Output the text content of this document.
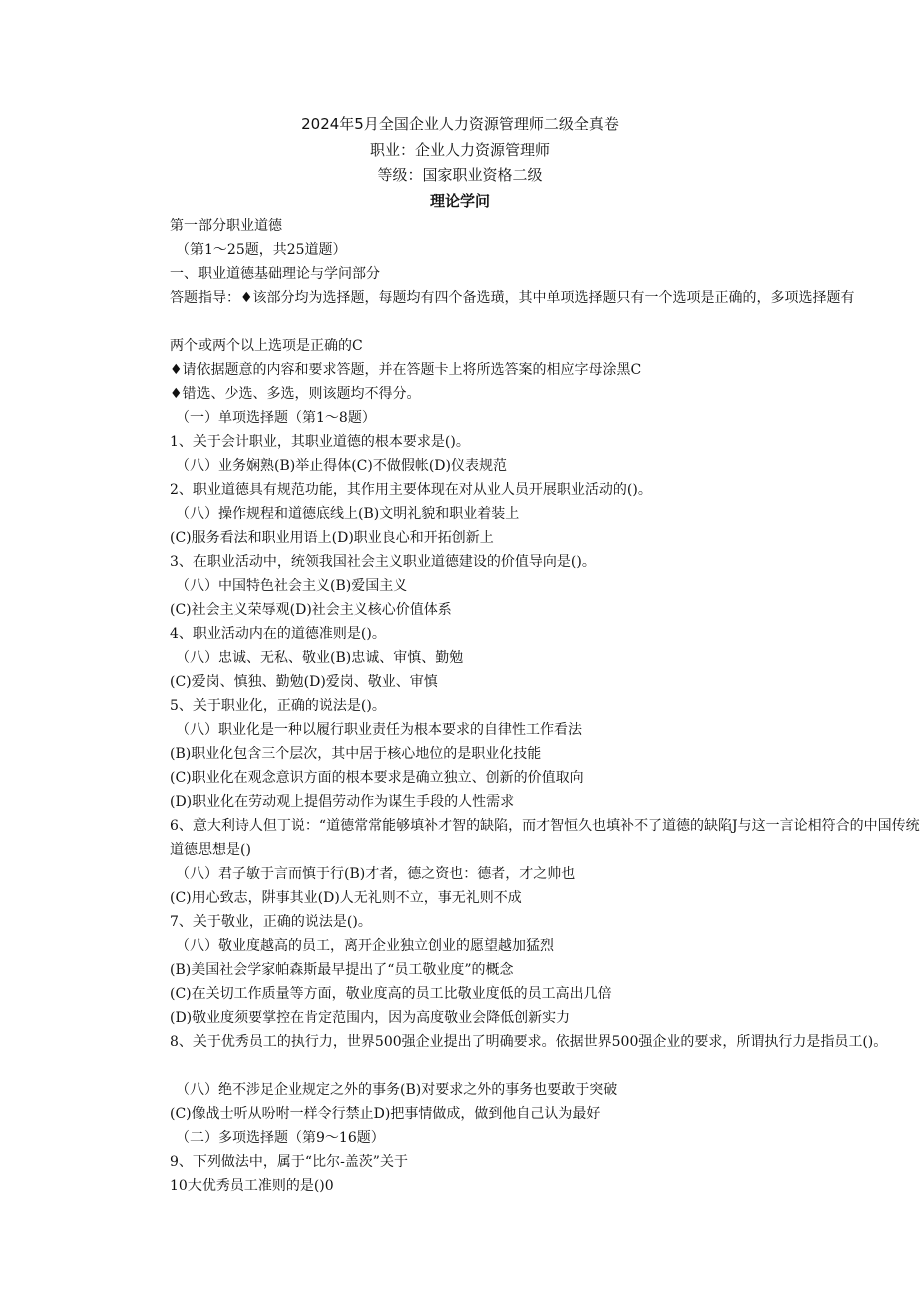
2024年5月全国企业人力资源管理师二级全真卷
职业：企业人力资源管理师
等级：国家职业资格二级
理论学问
第一部分职业道德
（第1〜25题，共25道题）
一、职业道德基础理论与学问部分
答题指导：♦该部分均为选择题，每题均有四个备选璜，其中单项选择题只有一个选项是正确的，多项选择题有
两个或两个以上选项是正确的C
♦请依据题意的内容和要求答题，并在答题卡上将所选答案的相应字母涂黑C
♦错选、少选、多选，则该题均不得分。
（一）单项选择题（第1〜8题）
1、关于会计职业，其职业道德的根本要求是()。
（八）业务娴熟(B)举止得体(C)不做假帐(D)仪表规范
2、职业道德具有规范功能，其作用主要体现在对从业人员开展职业活动的()。
（八）操作规程和道德底线上(B)文明礼貌和职业着装上
(C)服务看法和职业用语上(D)职业良心和开拓创新上
3、在职业活动中，统领我国社会主义职业道德建设的价值导向是()。
（八）中国特色社会主义(B)爱国主义
(C)社会主义荣辱观(D)社会主义核心价值体系
4、职业活动内在的道德准则是()。
（八）忠诚、无私、敬业(B)忠诚、审慎、勤勉
(C)爱岗、慎独、勤勉(D)爱岗、敬业、审慎
5、关于职业化，正确的说法是()。
（八）职业化是一种以履行职业责任为根本要求的自律性工作看法
(B)职业化包含三个层次，其中居于核心地位的是职业化技能
(C)职业化在观念意识方面的根本要求是确立独立、创新的价值取向
(D)职业化在劳动观上提倡劳动作为谋生手段的人性需求
6、意大利诗人但丁说：“道德常常能够填补才智的缺陷，而才智恒久也填补不了道德的缺陷J与这一言论相符合的中国传统道德思想是()
（八）君子敏于言而慎于行(B)才者，德之资也：德者，才之帅也
(C)用心致志，阱事其业(D)人无礼则不立，事无礼则不成
7、关于敬业，正确的说法是()。
（八）敬业度越高的员工，离开企业独立创业的愿望越加猛烈
(B)美国社会学家帕森斯最早提出了“员工敬业度”的概念
(C)在关切工作质量等方面，敬业度高的员工比敬业度低的员工高出几倍
(D)敬业度须要掌控在肯定范围内，因为高度敬业会降低创新实力
8、关于优秀员工的执行力，世界500强企业提出了明确要求。依据世界500强企业的要求，所谓执行力是指员工()。
（八）绝不涉足企业规定之外的事务(B)对要求之外的事务也要敢于突破
(C)像战士听从吩咐一样令行禁止D)把事情做成，做到他自己认为最好
（二）多项选择题（第9〜16题）
9、下列做法中，属于“比尔-盖茨”关于
10大优秀员工准则的是()0
